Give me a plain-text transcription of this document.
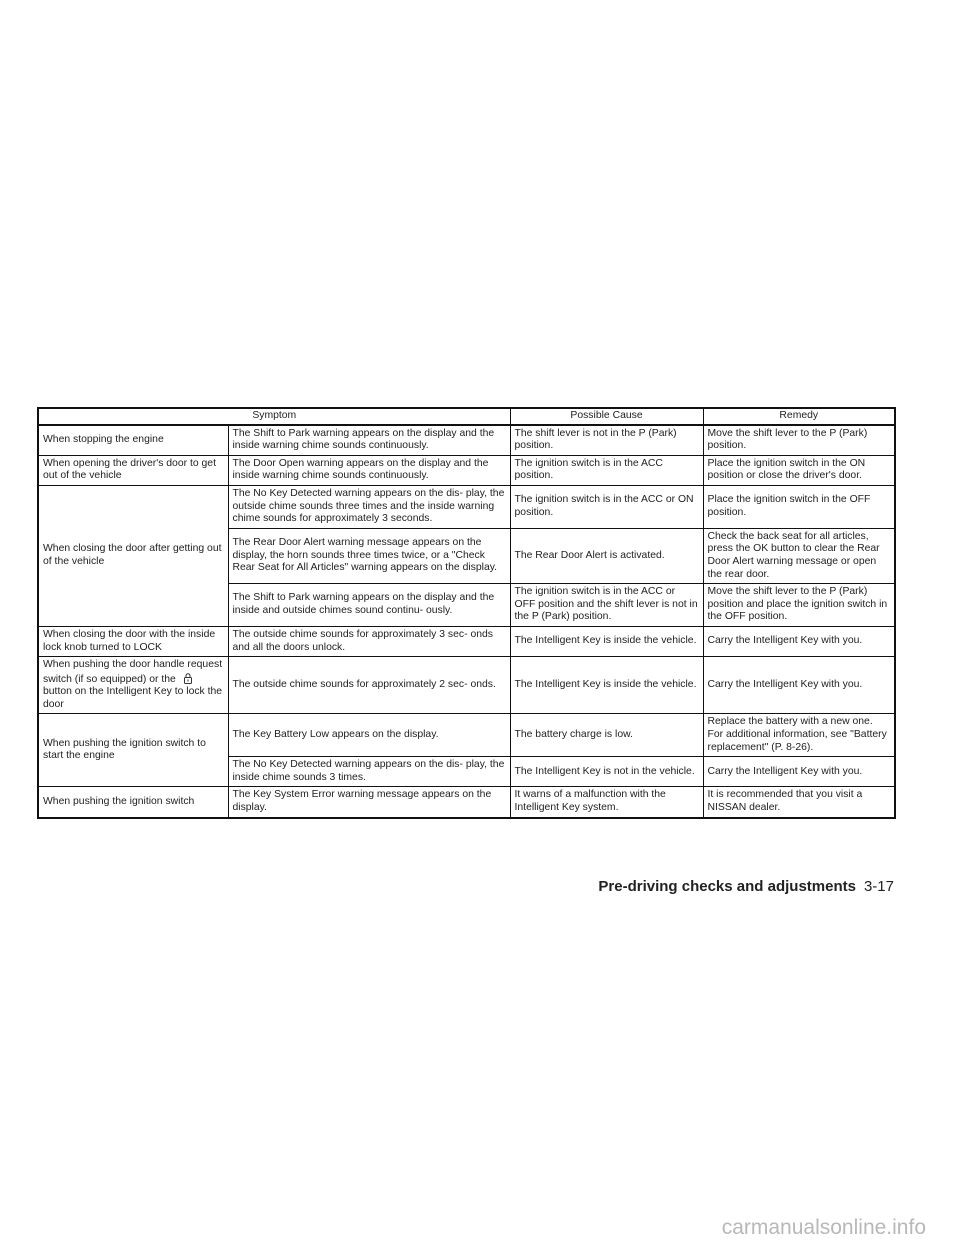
Symptom		Possible Cause	Remedy
When stopping the engine	The Shift to Park warning appears on the display and the inside warning chime sounds continuously.	The shift lever is not in the P (Park) position.	Move the shift lever to the P (Park) position.
When opening the driver's door to get out of the vehicle	The Door Open warning appears on the display and the inside warning chime sounds continuously.	The ignition switch is in the ACC position.	Place the ignition switch in the ON position or close the driver's door.
When closing the door after getting out of the vehicle	The No Key Detected warning appears on the dis- play, the outside chime sounds three times and the inside warning chime sounds for approximately 3 seconds.	The ignition switch is in the ACC or ON position.	Place the ignition switch in the OFF position.
	The Rear Door Alert warning message appears on the display, the horn sounds three times twice, or a "Check Rear Seat for All Articles" warning appears on the display.	The Rear Door Alert is activated.	Check the back seat for all articles, press the OK button to clear the Rear Door Alert warning message or open the rear door.
	The Shift to Park warning appears on the display and the inside and outside chimes sound continu- ously.	The ignition switch is in the ACC or OFF position and the shift lever is not in the P (Park) position.	Move the shift lever to the P (Park) position and place the ignition switch in the OFF position.
When closing the door with the inside lock knob turned to LOCK	The outside chime sounds for approximately 3 sec- onds and all the doors unlock.	The Intelligent Key is inside the vehicle.	Carry the Intelligent Key with you.
When pushing the door handle request switch (if so equipped) or thebutton on the Intelligent Key to lock the door	The outside chime sounds for approximately 2 sec- onds.	The Intelligent Key is inside the vehicle.	Carry the Intelligent Key with you.
When pushing the ignition switch to start the engine	The Key Battery Low appears on the display.	The battery charge is low.	Replace the battery with a new one. For additional information, see "Battery replacement" (P. 8-26).
	The No Key Detected warning appears on the dis- play, the inside chime sounds 3 times.	The Intelligent Key is not in the vehicle.	Carry the Intelligent Key with you.
When pushing the ignition switch	The Key System Error warning message appears on the display.	It warns of a malfunction with the Intelligent Key system.	It is recommended that you visit a NISSAN dealer.
Pre-driving checks and adjustments 3-17
carmanualsonline.info
